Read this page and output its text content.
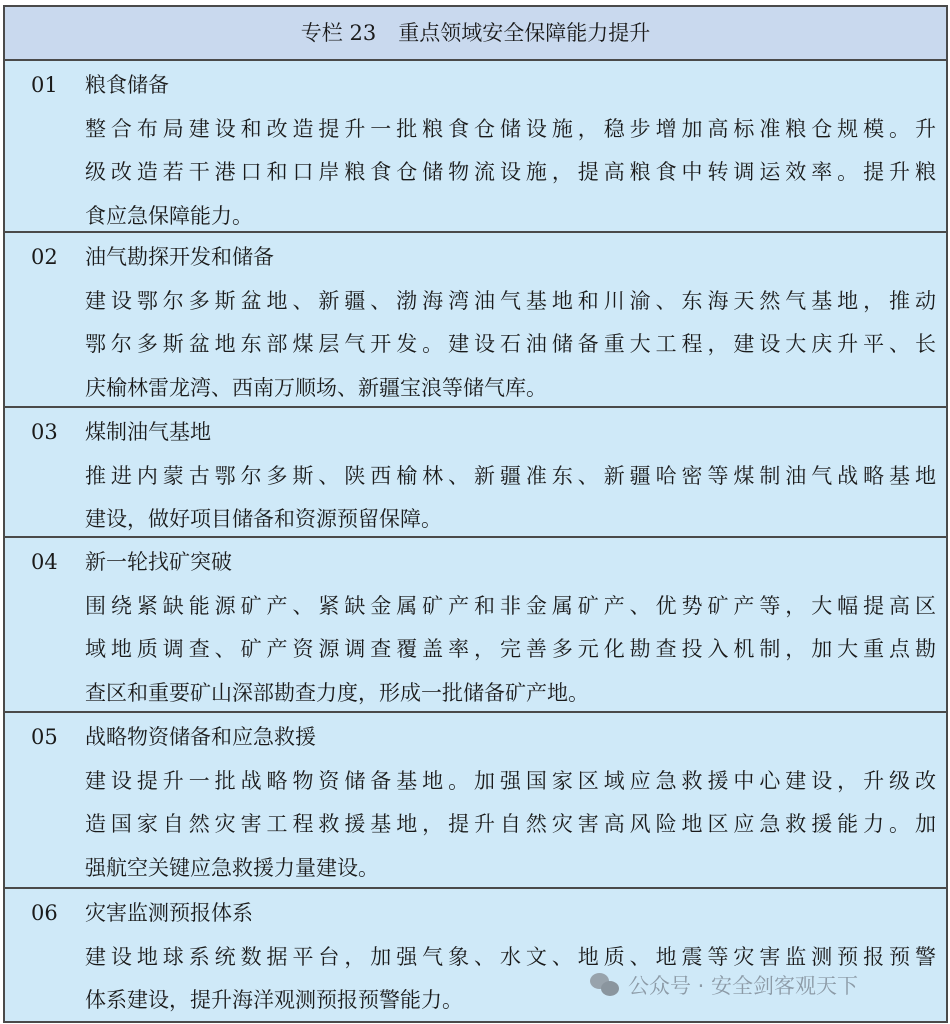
专栏 23 重点领域安全保障能力提升
01	粮食储备
整合布局建设和改造提升一批粮食仓储设施，稳步增加高标准粮仓规模。升
级改造若干港口和口岸粮食仓储物流设施，提高粮食中转调运效率。提升粮
食应急保障能力。
02	油气勘探开发和储备
建设鄂尔多斯盆地、新疆、渤海湾油气基地和川渝、东海天然气基地，推动
鄂尔多斯盆地东部煤层气开发。建设石油储备重大工程，建设大庆升平、长
庆榆林雷龙湾、西南万顺场、新疆宝浪等储气库。
03	煤制油气基地
推进内蒙古鄂尔多斯、陕西榆林、新疆准东、新疆哈密等煤制油气战略基地
建设，做好项目储备和资源预留保障。
04	新一轮找矿突破
围绕紧缺能源矿产、紧缺金属矿产和非金属矿产、优势矿产等，大幅提高区
域地质调查、矿产资源调查覆盖率，完善多元化勘查投入机制，加大重点勘
查区和重要矿山深部勘查力度，形成一批储备矿产地。
05	战略物资储备和应急救援
建设提升一批战略物资储备基地。加强国家区域应急救援中心建设，升级改
造国家自然灾害工程救援基地，提升自然灾害高风险地区应急救援能力。加
强航空关键应急救援力量建设。
06	灾害监测预报体系
建设地球系统数据平台，加强气象、水文、地质、地震等灾害监测预报预警
体系建设，提升海洋观测预报预警能力。
公众号 · 安全剑客观天下
